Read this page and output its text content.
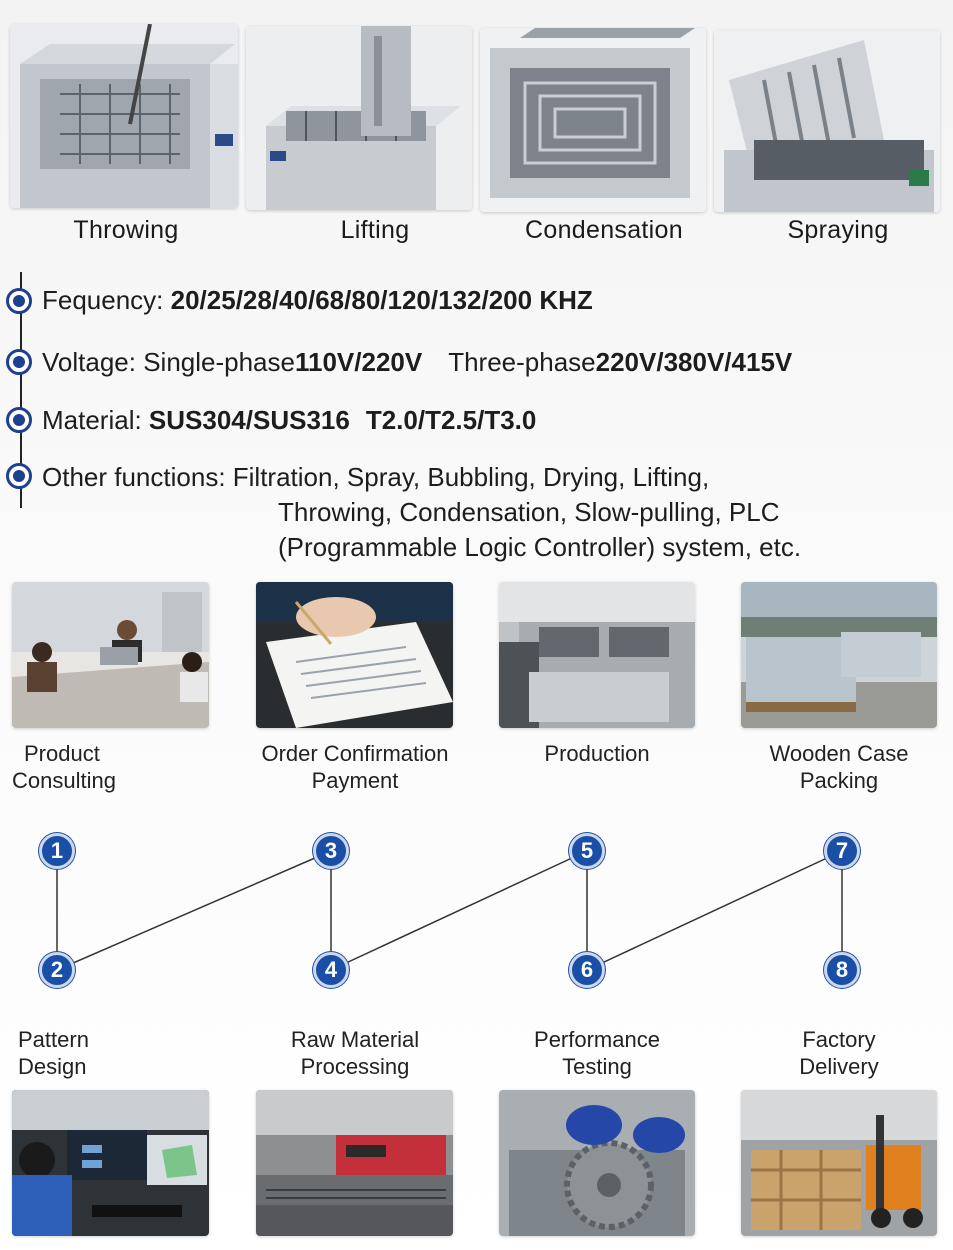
Throwing	Lifting	Condensation	Spraying
Fequency: 20/25/28/40/68/80/120/132/200 KHZ
Voltage: Single-phase110V/220V Three-phase220V/380V/415V
Material: SUS304/SUS316 T2.0/T2.5/T3.0
Other functions: Filtration, Spray, Bubbling, Drying, Lifting,
Throwing, Condensation, Slow-pulling, PLC
(Programmable Logic Controller) system, etc.
Product
Consulting
Order Confirmation
Payment
Production	Wooden Case
Packing
1
2
3
4
5
6
7
8
Pattern
Design
Raw Material
Processing
Performance
Testing
Factory
Delivery
